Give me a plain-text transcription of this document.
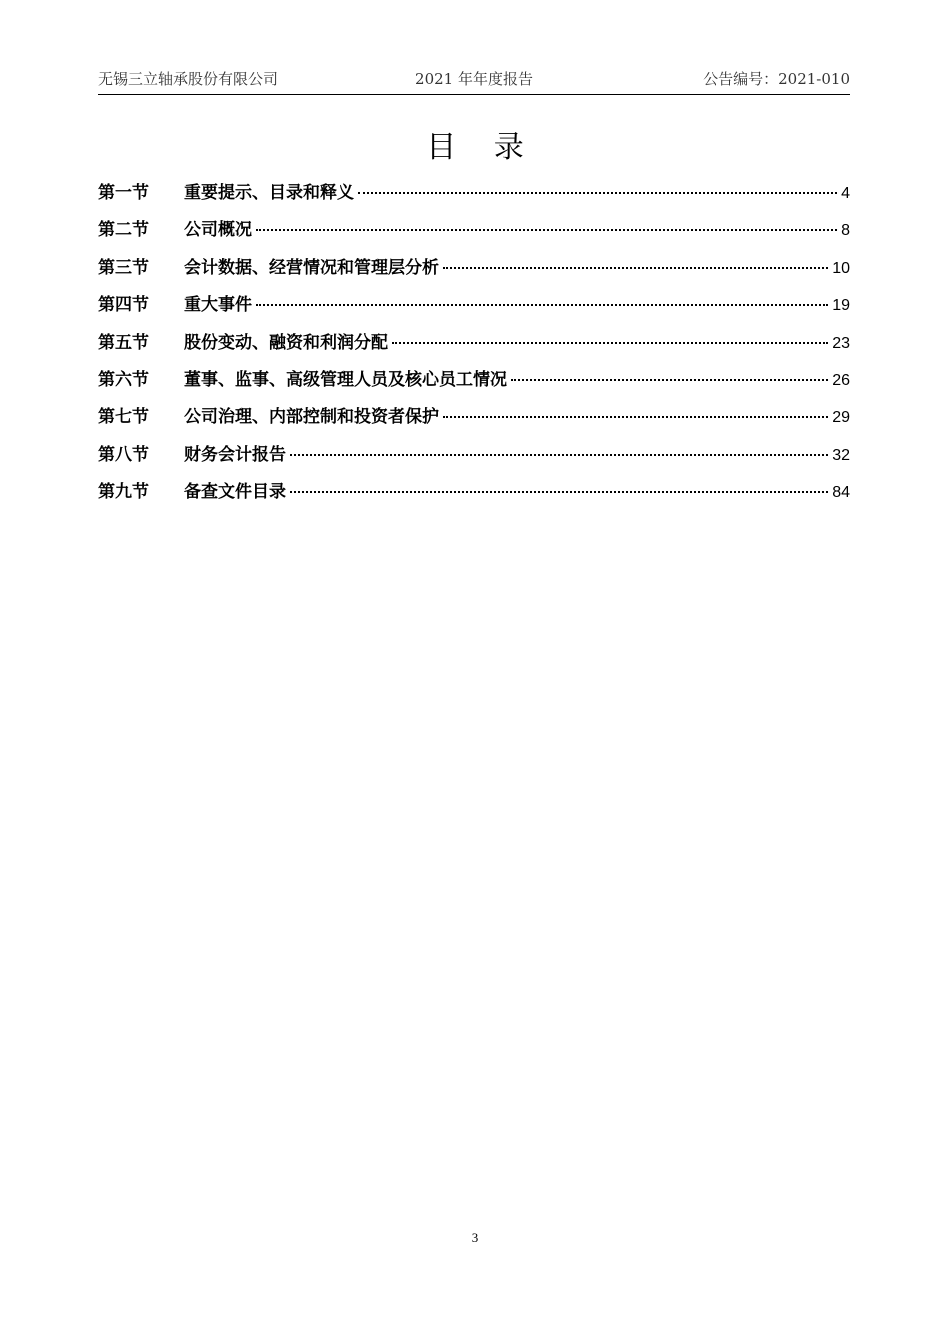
无锡三立轴承股份有限公司	2021 年年度报告	公告编号：2021-010
目 录
第一节	重要提示、目录和释义	4
第二节	公司概况	8
第三节	会计数据、经营情况和管理层分析	10
第四节	重大事件	19
第五节	股份变动、融资和利润分配	23
第六节	董事、监事、高级管理人员及核心员工情况	26
第七节	公司治理、内部控制和投资者保护	29
第八节	财务会计报告	32
第九节	备查文件目录	84
3
